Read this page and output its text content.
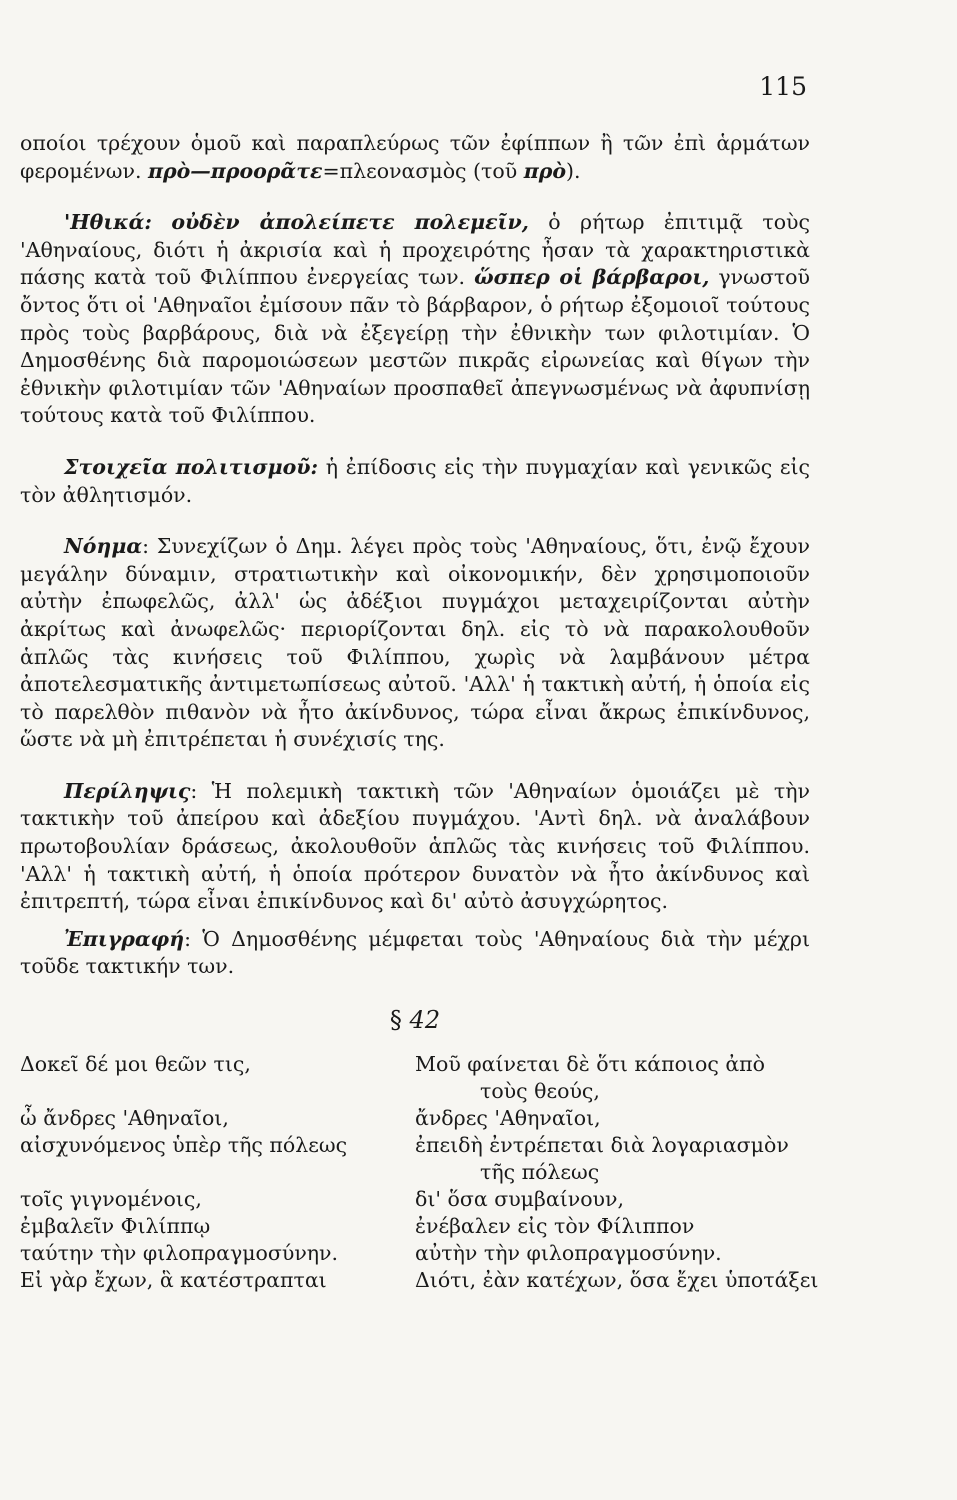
115

οποίοι τρέχουν ὁμοῦ καὶ παραπλεύρως τῶν ἐφίππων ἢ τῶν ἐπὶ ἁρμάτων φερομένων. πρὸ—προορᾶτε=πλεονασμὸς (τοῦ πρὸ).

'Ηθικά: οὐδὲν ἀπολείπετε πολεμεῖν, ὁ ρήτωρ ἐπιτιμᾷ τοὺς 'Αθηναίους, διότι ἡ ἀκρισία καὶ ἡ προχειρότης ἦσαν τὰ χαρακτηριστικὰ πάσης κατὰ τοῦ Φιλίππου ἐνεργείας των. ὥσπερ οἱ βάρβαροι, γνωστοῦ ὄντος ὅτι οἱ 'Αθηναῖοι ἐμίσουν πᾶν τὸ βάρβαρον, ὁ ρήτωρ ἐξομοιοῖ τούτους πρὸς τοὺς βαρβάρους, διὰ νὰ ἐξεγείρῃ τὴν ἐθνικὴν των φιλοτιμίαν. Ὁ Δημοσθένης διὰ παρομοιώσεων μεστῶν πικρᾶς εἰρωνείας καὶ θίγων τὴν ἐθνικὴν φιλοτιμίαν τῶν 'Αθηναίων προσπαθεῖ ἀπεγνωσμένως νὰ ἀφυπνίσῃ τούτους κατὰ τοῦ Φιλίππου.

Στοιχεῖα πολιτισμοῦ: ἡ ἐπίδοσις εἰς τὴν πυγμαχίαν καὶ γενικῶς εἰς τὸν ἀθλητισμόν.

Νόημα: Συνεχίζων ὁ Δημ. λέγει πρὸς τοὺς 'Αθηναίους, ὅτι, ἐνῷ ἔχουν μεγάλην δύναμιν, στρατιωτικὴν καὶ οἰκονομικήν, δὲν χρησιμοποιοῦν αὐτὴν ἐπωφελῶς, ἀλλ' ὡς ἀδέξιοι πυγμάχοι μεταχειρίζονται αὐτὴν ἀκρίτως καὶ ἀνωφελῶς· περιορίζονται δηλ. εἰς τὸ νὰ παρακολουθοῦν ἁπλῶς τὰς κινήσεις τοῦ Φιλίππου, χωρὶς νὰ λαμβάνουν μέτρα ἀποτελεσματικῆς ἀντιμετωπίσεως αὐτοῦ. 'Αλλ' ἡ τακτικὴ αὐτή, ἡ ὁποία εἰς τὸ παρελθὸν πιθανὸν νὰ ἦτο ἀκίνδυνος, τώρα εἶναι ἄκρως ἐπικίνδυνος, ὥστε νὰ μὴ ἐπιτρέπεται ἡ συνέχισίς της.

Περίληψις: Ἡ πολεμικὴ τακτικὴ τῶν 'Αθηναίων ὁμοιάζει μὲ τὴν τακτικὴν τοῦ ἀπείρου καὶ ἀδεξίου πυγμάχου. 'Αντὶ δηλ. νὰ ἀναλάβουν πρωτοβουλίαν δράσεως, ἀκολουθοῦν ἁπλῶς τὰς κινήσεις τοῦ Φιλίππου. 'Αλλ' ἡ τακτικὴ αὐτή, ἡ ὁποία πρότερον δυνατὸν νὰ ἦτο ἀκίνδυνος καὶ ἐπιτρεπτή, τώρα εἶναι ἐπικίνδυνος καὶ δι' αὐτὸ ἀσυγχώρητος.

Ἐπιγραφή: Ὁ Δημοσθένης μέμφεται τοὺς 'Αθηναίους διὰ τὴν μέχρι τοῦδε τακτικήν των.

§ 42
Δοκεῖ δέ μοι θεῶν τις,
ὦ ἄνδρες 'Αθηναῖοι,
αἰσχυνόμενος ὑπὲρ τῆς πόλεως
τοῖς γιγνομένοις,
ἐμβαλεῖν Φιλίππῳ
ταύτην τὴν φιλοπραγμοσύνην.
Εἰ γὰρ ἔχων, ἃ κατέστραπται
Μοῦ φαίνεται δὲ ὅτι κάποιος ἀπὸ
τοὺς θεούς,
ἄνδρες 'Αθηναῖοι,
ἐπειδὴ ἐντρέπεται διὰ λογαριασμὸν
τῆς πόλεως
δι' ὅσα συμβαίνουν,
ἐνέβαλεν εἰς τὸν Φίλιππον
αὐτὴν τὴν φιλοπραγμοσύνην.
Διότι, ἐὰν κατέχων, ὅσα ἔχει ὑποτάξει
